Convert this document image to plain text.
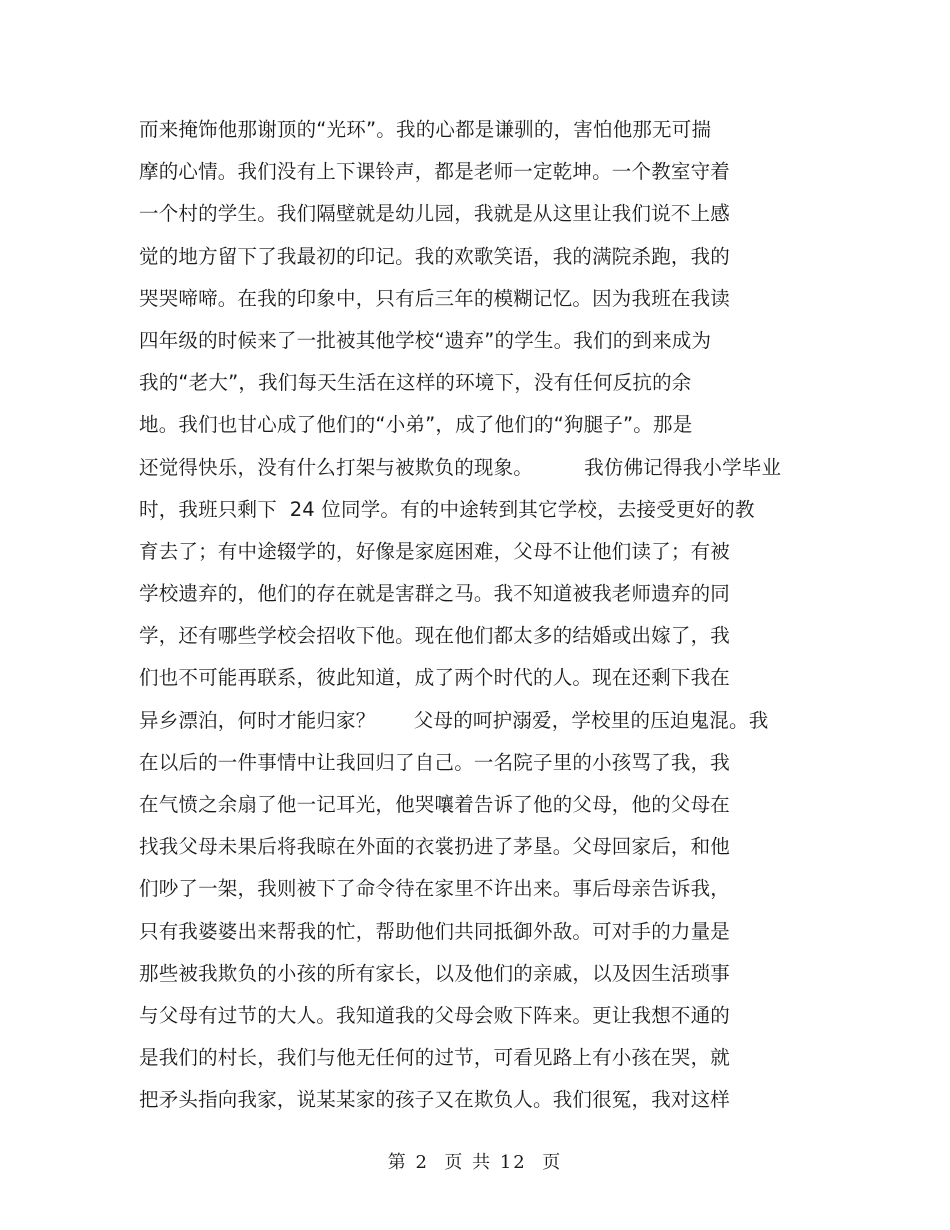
而来掩饰他那谢顶的“光环”。我的心都是谦驯的，害怕他那无可揣
摩的心情。我们没有上下课铃声，都是老师一定乾坤。一个教室守着
一个村的学生。我们隔壁就是幼儿园，我就是从这里让我们说不上感
觉的地方留下了我最初的印记。我的欢歌笑语，我的满院杀跑，我的
哭哭啼啼。在我的印象中，只有后三年的模糊记忆。因为我班在我读
四年级的时候来了一批被其他学校“遗弃”的学生。我们的到来成为
我的“老大”，我们每天生活在这样的环境下，没有任何反抗的余
地。我们也甘心成了他们的“小弟”，成了他们的“狗腿子”。那是
还觉得快乐，没有什么打架与被欺负的现象。        我仿佛记得我小学毕业
时，我班只剩下  24 位同学。有的中途转到其它学校，去接受更好的教
育去了；有中途辍学的，好像是家庭困难，父母不让他们读了；有被
学校遗弃的，他们的存在就是害群之马。我不知道被我老师遗弃的同
学，还有哪些学校会招收下他。现在他们都太多的结婚或出嫁了，我
们也不可能再联系，彼此知道，成了两个时代的人。现在还剩下我在
异乡漂泊，何时才能归家？      父母的呵护溺爱，学校里的压迫鬼混。我
在以后的一件事情中让我回归了自己。一名院子里的小孩骂了我，我
在气愤之余扇了他一记耳光，他哭嚷着告诉了他的父母，他的父母在
找我父母未果后将我晾在外面的衣裳扔进了茅垦。父母回家后，和他
们吵了一架，我则被下了命令待在家里不许出来。事后母亲告诉我，
只有我婆婆出来帮我的忙，帮助他们共同抵御外敌。可对手的力量是
那些被我欺负的小孩的所有家长，以及他们的亲戚，以及因生活琐事
与父母有过节的大人。我知道我的父母会败下阵来。更让我想不通的
是我们的村长，我们与他无任何的过节，可看见路上有小孩在哭，就
把矛头指向我家，说某某家的孩子又在欺负人。我们很冤，我对这样
第 2  页 共 12  页
